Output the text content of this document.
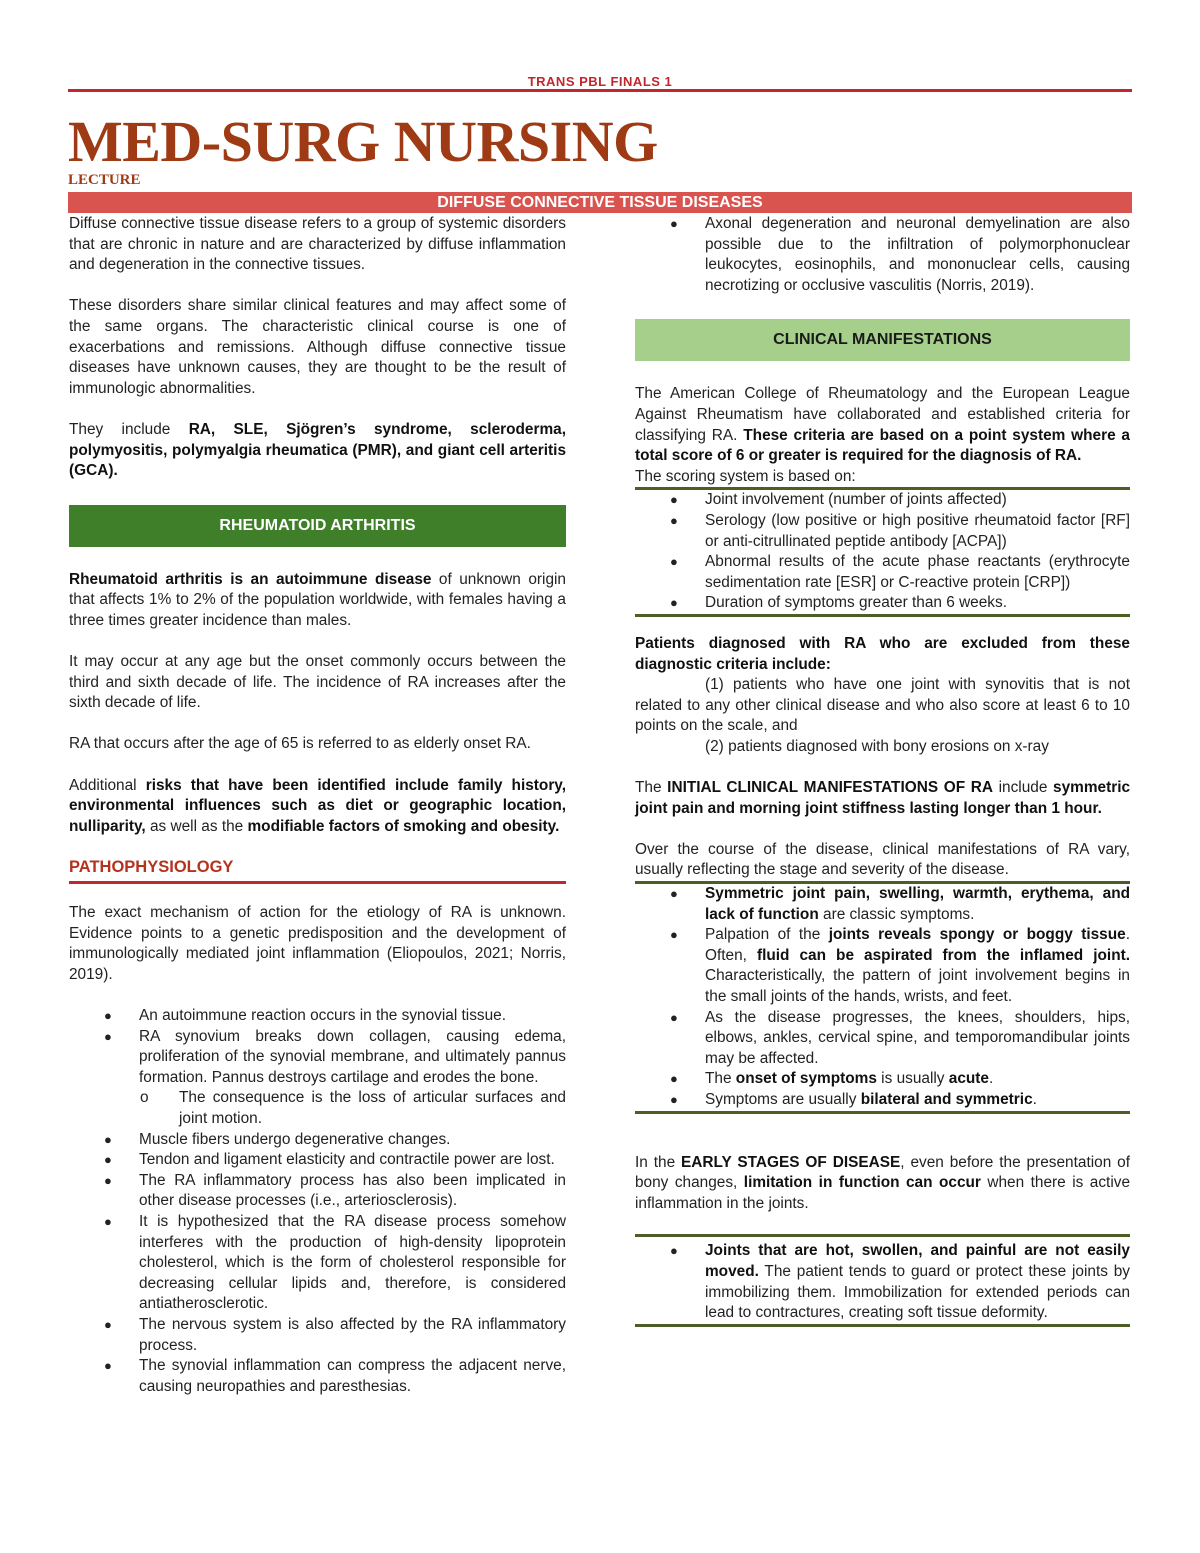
TRANS PBL FINALS 1
MED-SURG NURSING
LECTURE
DIFFUSE CONNECTIVE TISSUE DISEASES

Diffuse connective tissue disease refers to a group of systemic disorders that are chronic in nature and are characterized by diffuse inflammation and degeneration in the connective tissues.

These disorders share similar clinical features and may affect some of the same organs. The characteristic clinical course is one of exacerbations and remissions. Although diffuse connective tissue diseases have unknown causes, they are thought to be the result of immunologic abnormalities.

They include RA, SLE, Sjögren’s syndrome, scleroderma, polymyositis, polymyalgia rheumatica (PMR), and giant cell arteritis (GCA).

RHEUMATOID ARTHRITIS

Rheumatoid arthritis is an autoimmune disease of unknown origin that affects 1% to 2% of the population worldwide, with females having a three times greater incidence than males.

It may occur at any age but the onset commonly occurs between the third and sixth decade of life. The incidence of RA increases after the sixth decade of life.

RA that occurs after the age of 65 is referred to as elderly onset RA.

Additional risks that have been identified include family history, environmental influences such as diet or geographic location, nulliparity, as well as the modifiable factors of smoking and obesity.

PATHOPHYSIOLOGY

The exact mechanism of action for the etiology of RA is unknown. Evidence points to a genetic predisposition and the development of immunologically mediated joint inflammation (Eliopoulos, 2021; Norris, 2019).

● An autoimmune reaction occurs in the synovial tissue.
● RA synovium breaks down collagen, causing edema, proliferation of the synovial membrane, and ultimately pannus formation. Pannus destroys cartilage and erodes the bone.
o The consequence is the loss of articular surfaces and joint motion.
● Muscle fibers undergo degenerative changes.
● Tendon and ligament elasticity and contractile power are lost.
● The RA inflammatory process has also been implicated in other disease processes (i.e., arteriosclerosis).
● It is hypothesized that the RA disease process somehow interferes with the production of high-density lipoprotein cholesterol, which is the form of cholesterol responsible for decreasing cellular lipids and, therefore, is considered antiatherosclerotic.
● The nervous system is also affected by the RA inflammatory process.
● The synovial inflammation can compress the adjacent nerve, causing neuropathies and paresthesias.
● Axonal degeneration and neuronal demyelination are also possible due to the infiltration of polymorphonuclear leukocytes, eosinophils, and mononuclear cells, causing necrotizing or occlusive vasculitis (Norris, 2019).
CLINICAL MANIFESTATIONS

The American College of Rheumatology and the European League Against Rheumatism have collaborated and established criteria for classifying RA. These criteria are based on a point system where a total score of 6 or greater is required for the diagnosis of RA.

The scoring system is based on:

● Joint involvement (number of joints affected)
● Serology (low positive or high positive rheumatoid factor [RF] or anti-citrullinated peptide antibody [ACPA])
● Abnormal results of the acute phase reactants (erythrocyte sedimentation rate [ESR] or C-reactive protein [CRP])
● Duration of symptoms greater than 6 weeks.

Patients diagnosed with RA who are excluded from these diagnostic criteria include:

(1) patients who have one joint with synovitis that is not related to any other clinical disease and who also score at least 6 to 10 points on the scale, and

(2) patients diagnosed with bony erosions on x-ray

The INITIAL CLINICAL MANIFESTATIONS OF RA include symmetric joint pain and morning joint stiffness lasting longer than 1 hour.

Over the course of the disease, clinical manifestations of RA vary, usually reflecting the stage and severity of the disease.

● Symmetric joint pain, swelling, warmth, erythema, and lack of function are classic symptoms.
● Palpation of the joints reveals spongy or boggy tissue. Often, fluid can be aspirated from the inflamed joint. Characteristically, the pattern of joint involvement begins in the small joints of the hands, wrists, and feet.
● As the disease progresses, the knees, shoulders, hips, elbows, ankles, cervical spine, and temporomandibular joints may be affected.
● The onset of symptoms is usually acute.
● Symptoms are usually bilateral and symmetric.

In the EARLY STAGES OF DISEASE, even before the presentation of bony changes, limitation in function can occur when there is active inflammation in the joints.

● Joints that are hot, swollen, and painful are not easily moved. The patient tends to guard or protect these joints by immobilizing them. Immobilization for extended periods can lead to contractures, creating soft tissue deformity.
